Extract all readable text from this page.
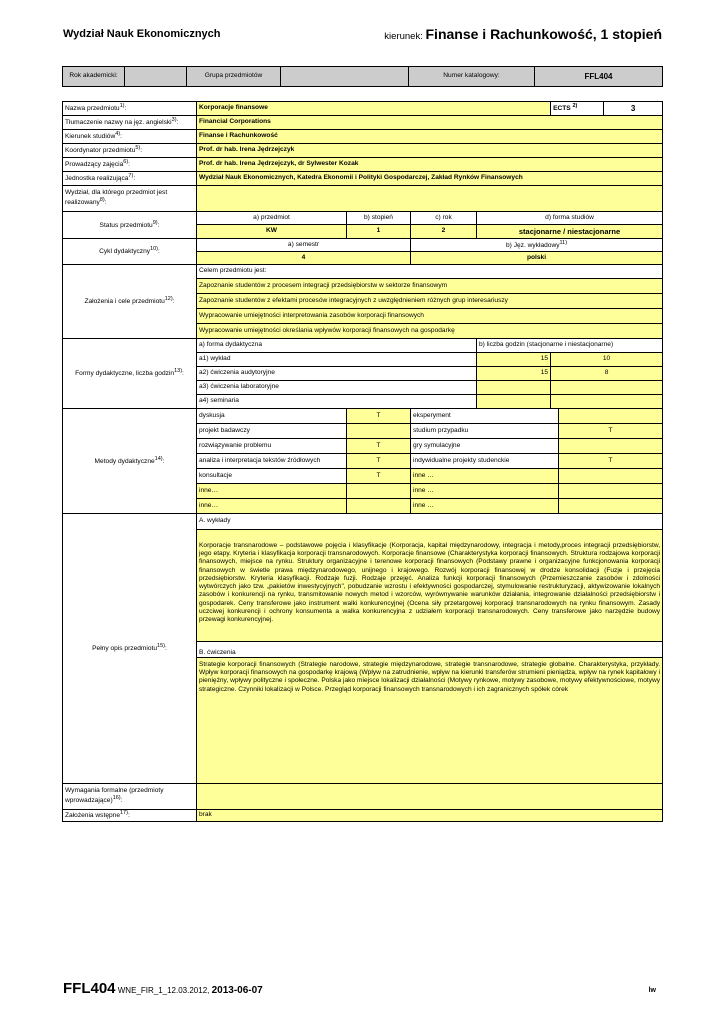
Wydział Nauk Ekonomicznych	kierunek: Finanse i Rachunkowość, 1 stopień
Rok akademicki:		Grupa przedmiotów		Numer katalogowy:	FFL404
Nazwa przedmiotu$^{1)}$:	Korporacje finansowe				ECTS $^{2)}$		3
Tłumaczenie nazwy na jęz. angielski$^{3)}$:	Financial Corporations						
Kierunek studiów$^{4)}$:	Finanse i Rachunkowość						
Koordynator przedmiotu$^{5)}$:	Prof. dr hab. Irena Jędrzejczyk						
Prowadzący zajęcia$^{6)}$:	Prof. dr hab. Irena Jędrzejczyk, dr Sylwester Kozak						
Jednostka realizująca$^{7)}$:	Wydział Nauk Ekonomicznych, Katedra Ekonomii i Polityki Gospodarczej, Zakład Rynków Finansowych						
Wydział, dla którego przedmiot jest realizowany$^{8)}$:							
Status przedmiotu$^{9)}$:	a) przedmiot	b) stopień	c) rok	d) forma studiów			
	KW	1	2	stacjonarne / niestacjonarne			
Cykl dydaktyczny$^{10)}$:	a) semestr		b) Jęz. wykładowy$^{11)}$
	4		polski				
Założenia i cele przedmiotu$^{12)}$:	Celem przedmiotu jest:						
	Zapoznanie studentów z procesem integracji przedsiębiorstw w sektorze finansowym						
	Zapoznanie studentów z efektami procesów integracyjnych z uwzględnieniem różnych grup interesariuszy						
	Wypracowanie umiejętności interpretowania zasobów korporacji finansowych						
	Wypracowanie umiejętności określania wpływów korporacji finansowych na gospodarkę						
Formy dydaktyczne, liczba godzin$^{13)}$:	a) forma dydaktyczna			b) liczba godzin (stacjonarne i niestacjonarne)			
	a1) wykład			15	10		
	a2) ćwiczenia audytoryjne			15	8		
	a3) ćwiczenia laboratoryjne						
	a4) seminaria						
Metody dydaktyczne$^{14)}$:	dyskusja	T	eksperyment				
	projekt badawczy		studium przypadku			T	
	rozwiązywanie problemu	T	gry symulacyjne				
	analiza i interpretacja tekstów źródłowych	T	indywidualne projekty studenckie			T	
	konsultacje	T	inne …				
	inne…		inne …				
	inne…		inne …				
Pełny opis przedmiotu$^{15)}$:	A. wykłady						
	Korporacje transnarodowe – podstawowe pojęcia i klasyfikacje (Korporacja, kapitał międzynarodowy, integracja i metody,proces integracji przedsiębiorstw, jego etapy. Kryteria i klasyfikacja korporacji transnarodowych. Korporacje finansowe (Charakterystyka korporacji finansowych. Struktura rodzajowa korporacji finansowych, miejsce na rynku. Struktury organizacyjne i terenowe korporacji finansowych (Podstawy prawne i organizacyjne funkcjonowania korporacji finansowych w świetle prawa międzynarodowego, unijnego i krajowego. Rozwój korporacji finansowej w drodze konsolidacji (Fuzje i przejęcia przedsiębiorstw. Kryteria klasyfikacji. Rodzaje fuzji. Rodzaje przejęć. Analiza funkcji korporacji finansowych (Przemieszczanie zasobów i zdolności wytwórczych jako tzw. „pakietów inwestycyjnych", pobudzanie wzrostu i efektywności gospodarczej, stymulowanie restrukturyzacji, aktywizowanie lokalnych zasobów i konkurencji na rynku, transmitowanie nowych metod i wzorców, wyrównywanie warunków działania, integrowanie działalności przedsiębiorstw i gospodarek. Ceny transferowe jako instrument walki konkurencyjnej (Ocena siły przetargowej korporacji transnarodowych na rynku finansowym. Zasady uczciwej konkurencji i ochrony konsumenta a walka konkurencyjna z udziałem korporacji transnarodowych. Ceny transferowe jako narzędzie budowy przewagi konkurencyjnej.						
	B. ćwiczenia						
	Strategie korporacji finansowych (Strategie narodowe, strategie międzynarodowe, strategie transnarodowe, strategie globalne. Charakterystyka, przykłady. Wpływ korporacji finansowych na gospodarkę krajową (Wpływ na zatrudnienie, wpływ na kierunki transferów strumieni pieniądza, wpływ na rynek kapitałowy i pieniężny, wpływy polityczne i społeczne. Polska jako miejsce lokalizacji działalności (Motywy rynkowe, motywy zasobowe, motywy efektywnościowe, motywy strategiczne. Czynniki lokalizacji w Polsce. Przegląd korporacji finansowych transnarodowych i ich zagranicznych spółek córek						
Wymagania formalne (przedmioty wprowadzające)$^{16)}$:							
Założenia wstępne$^{17)}$:	brak						
FFL404 WNE_FIR_1_12.03.2012, 2013-06-07	lw
